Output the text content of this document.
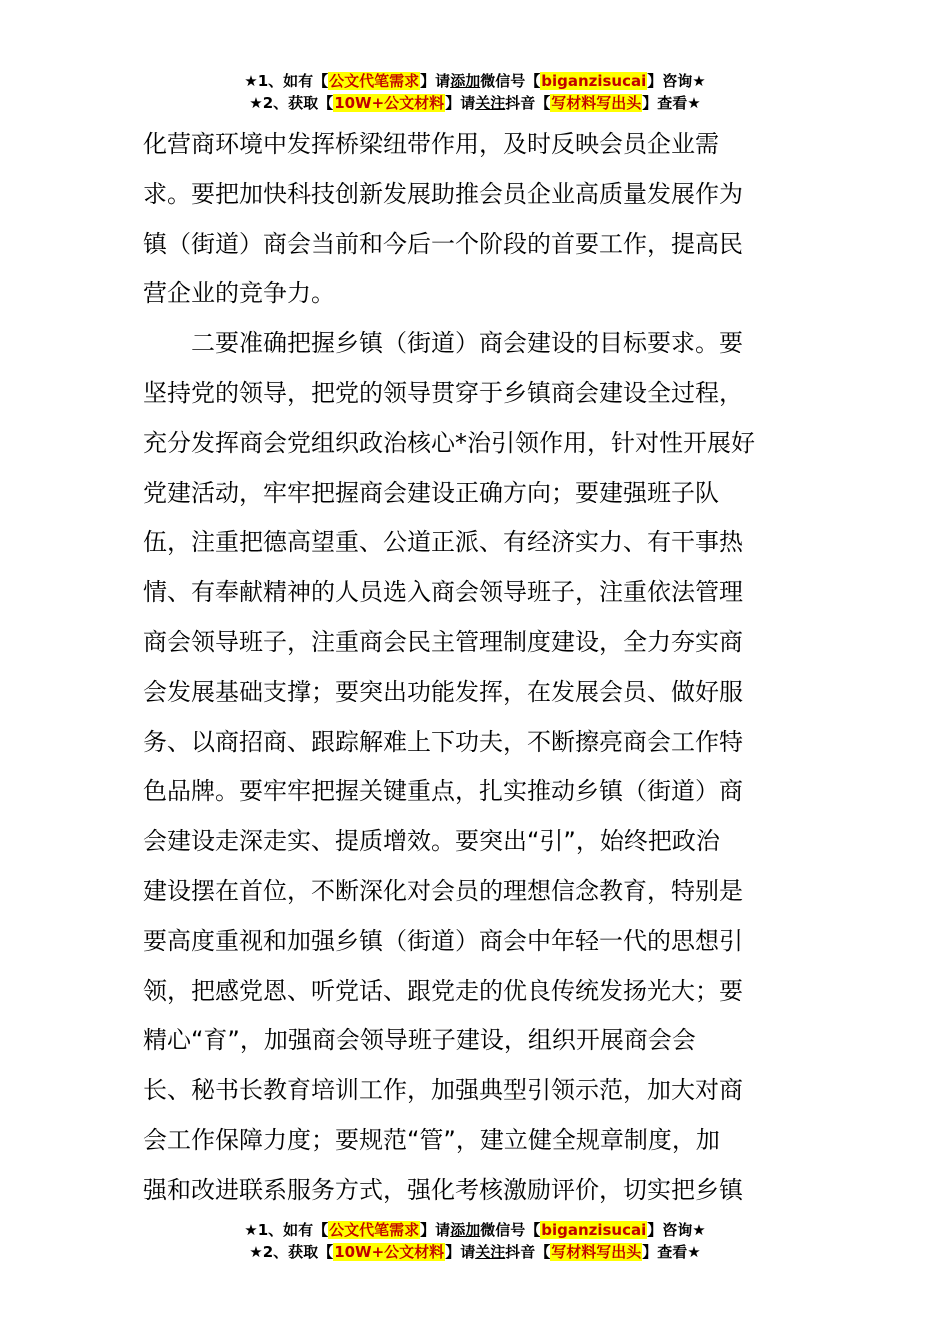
★1、如有【公文代笔需求】请添加微信号【biganzisucai】咨询★
★2、获取【10W+公文材料】请关注抖音【写材料写出头】查看★
化营商环境中发挥桥梁纽带作用，及时反映会员企业需
求。要把加快科技创新发展助推会员企业高质量发展作为
镇（街道）商会当前和今后一个阶段的首要工作，提高民
营企业的竞争力。
　　二要准确把握乡镇（街道）商会建设的目标要求。要
坚持党的领导，把党的领导贯穿于乡镇商会建设全过程，
充分发挥商会党组织政治核心*治引领作用，针对性开展好
党建活动，牢牢把握商会建设正确方向；要建强班子队
伍，注重把德高望重、公道正派、有经济实力、有干事热
情、有奉献精神的人员选入商会领导班子，注重依法管理
商会领导班子，注重商会民主管理制度建设，全力夯实商
会发展基础支撑；要突出功能发挥，在发展会员、做好服
务、以商招商、跟踪解难上下功夫，不断擦亮商会工作特
色品牌。要牢牢把握关键重点，扎实推动乡镇（街道）商
会建设走深走实、提质增效。要突出“引”，始终把政治
建设摆在首位，不断深化对会员的理想信念教育，特别是
要高度重视和加强乡镇（街道）商会中年轻一代的思想引
领，把感党恩、听党话、跟党走的优良传统发扬光大；要
精心“育”，加强商会领导班子建设，组织开展商会会
长、秘书长教育培训工作，加强典型引领示范，加大对商
会工作保障力度；要规范“管”，建立健全规章制度，加
强和改进联系服务方式，强化考核激励评价，切实把乡镇
★1、如有【公文代笔需求】请添加微信号【biganzisucai】咨询★
★2、获取【10W+公文材料】请关注抖音【写材料写出头】查看★
